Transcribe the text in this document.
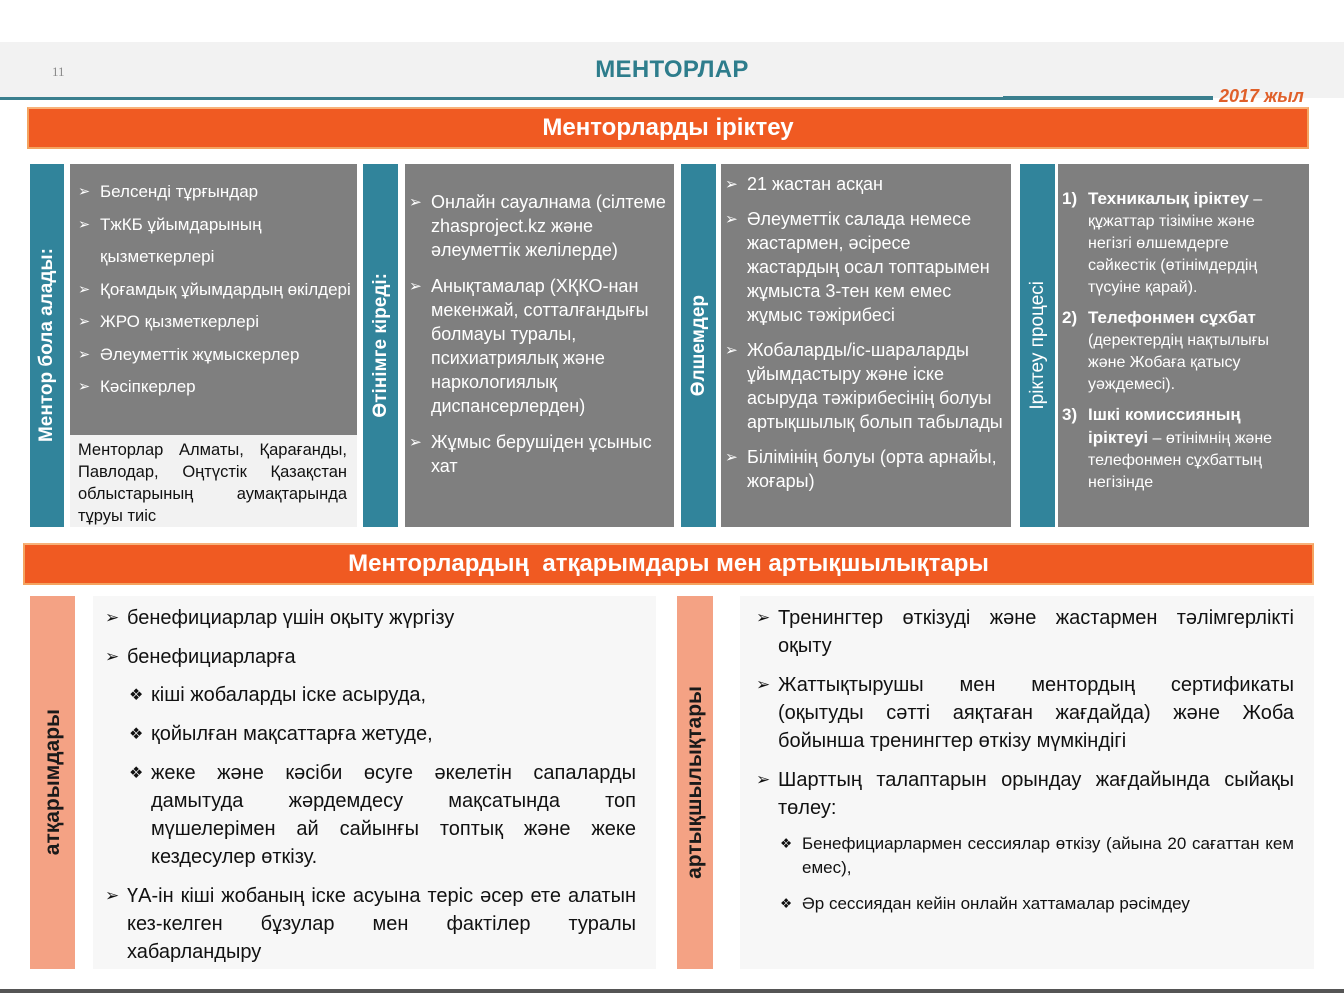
11	МЕНТОРЛАР
2017 жыл
Менторларды іріктеу
Ментор бола алады:
➢ Белсенді тұрғындар
➢ ТжКБ ұйымдарының қызметкерлері
➢ Қоғамдық ұйымдардың өкілдері
➢ ЖРО қызметкерлері
➢ Әлеуметтік жұмыскерлер
➢ Кәсіпкерлер
Менторлар Алматы, Қарағанды, Павлодар, Оңтүстік Қазақстан облыстарының аумақтарында тұруы тиіс
Өтінімге кіреді:
➢ Онлайн сауалнама (сілтеме zhasproject.kz және әлеуметтік желілерде)
➢ Анықтамалар (ХҚКО-нан мекенжай, сотталғандығы болмауы туралы, психиатриялық және наркологиялық диспансерлерден)
➢ Жұмыс берушіден ұсыныс хат
Өлшемдер
➢ 21 жастан асқан
➢ Әлеуметтік салада немесе жастармен, әсіресе жастардың осал топтарымен жұмыста 3-тен кем емес жұмыс тәжірибесі
➢ Жобаларды/іс-шараларды ұйымдастыру және іске асыруда тәжірибесінің болуы артықшылық болып табылады
➢ Білімінің болуы (орта арнайы, жоғары)
Іріктеу процесі
1) Техникалық іріктеу – құжаттар тізіміне және негізгі өлшемдерге сәйкестік (өтінімдердің түсуіне қарай).
2) Телефонмен сұхбат (деректердің нақтылығы және Жобаға қатысу уәждемесі).
3) Ішкі комиссияның іріктеуі – өтінімнің және телефонмен сұхбаттың негізінде
Менторлардың  атқарымдары мен артықшылықтары
атқарымдары
➢ бенефициарлар үшін оқыту жүргізу
➢ бенефициарларға
❖ кіші жобаларды іске асыруда,
❖ қойылған мақсаттарға жетуде,
❖ жеке және кәсіби өсуге әкелетін сапаларды дамытуда жәрдемдесу мақсатында топ мүшелерімен ай сайынғы топтық және жеке кездесулер өткізу.
➢ ҮА-ін кіші жобаның іске асуына теріс әсер ете алатын кез-келген бұзулар мен фактілер туралы хабарландыру
артықшылықтары
➢ Тренингтер өткізуді және жастармен тәлімгерлікті оқыту
➢ Жаттықтырушы мен ментордың сертификаты (оқытуды сәтті аяқтаған жағдайда) және Жоба бойынша тренингтер өткізу мүмкіндігі
➢ Шарттың талаптарын орындау жағдайында сыйақы төлеу:
❖ Бенефициарлармен сессиялар өткізу (айына 20 сағаттан кем емес),
❖ Әр сессиядан кейін онлайн хаттамалар рәсімдеу
